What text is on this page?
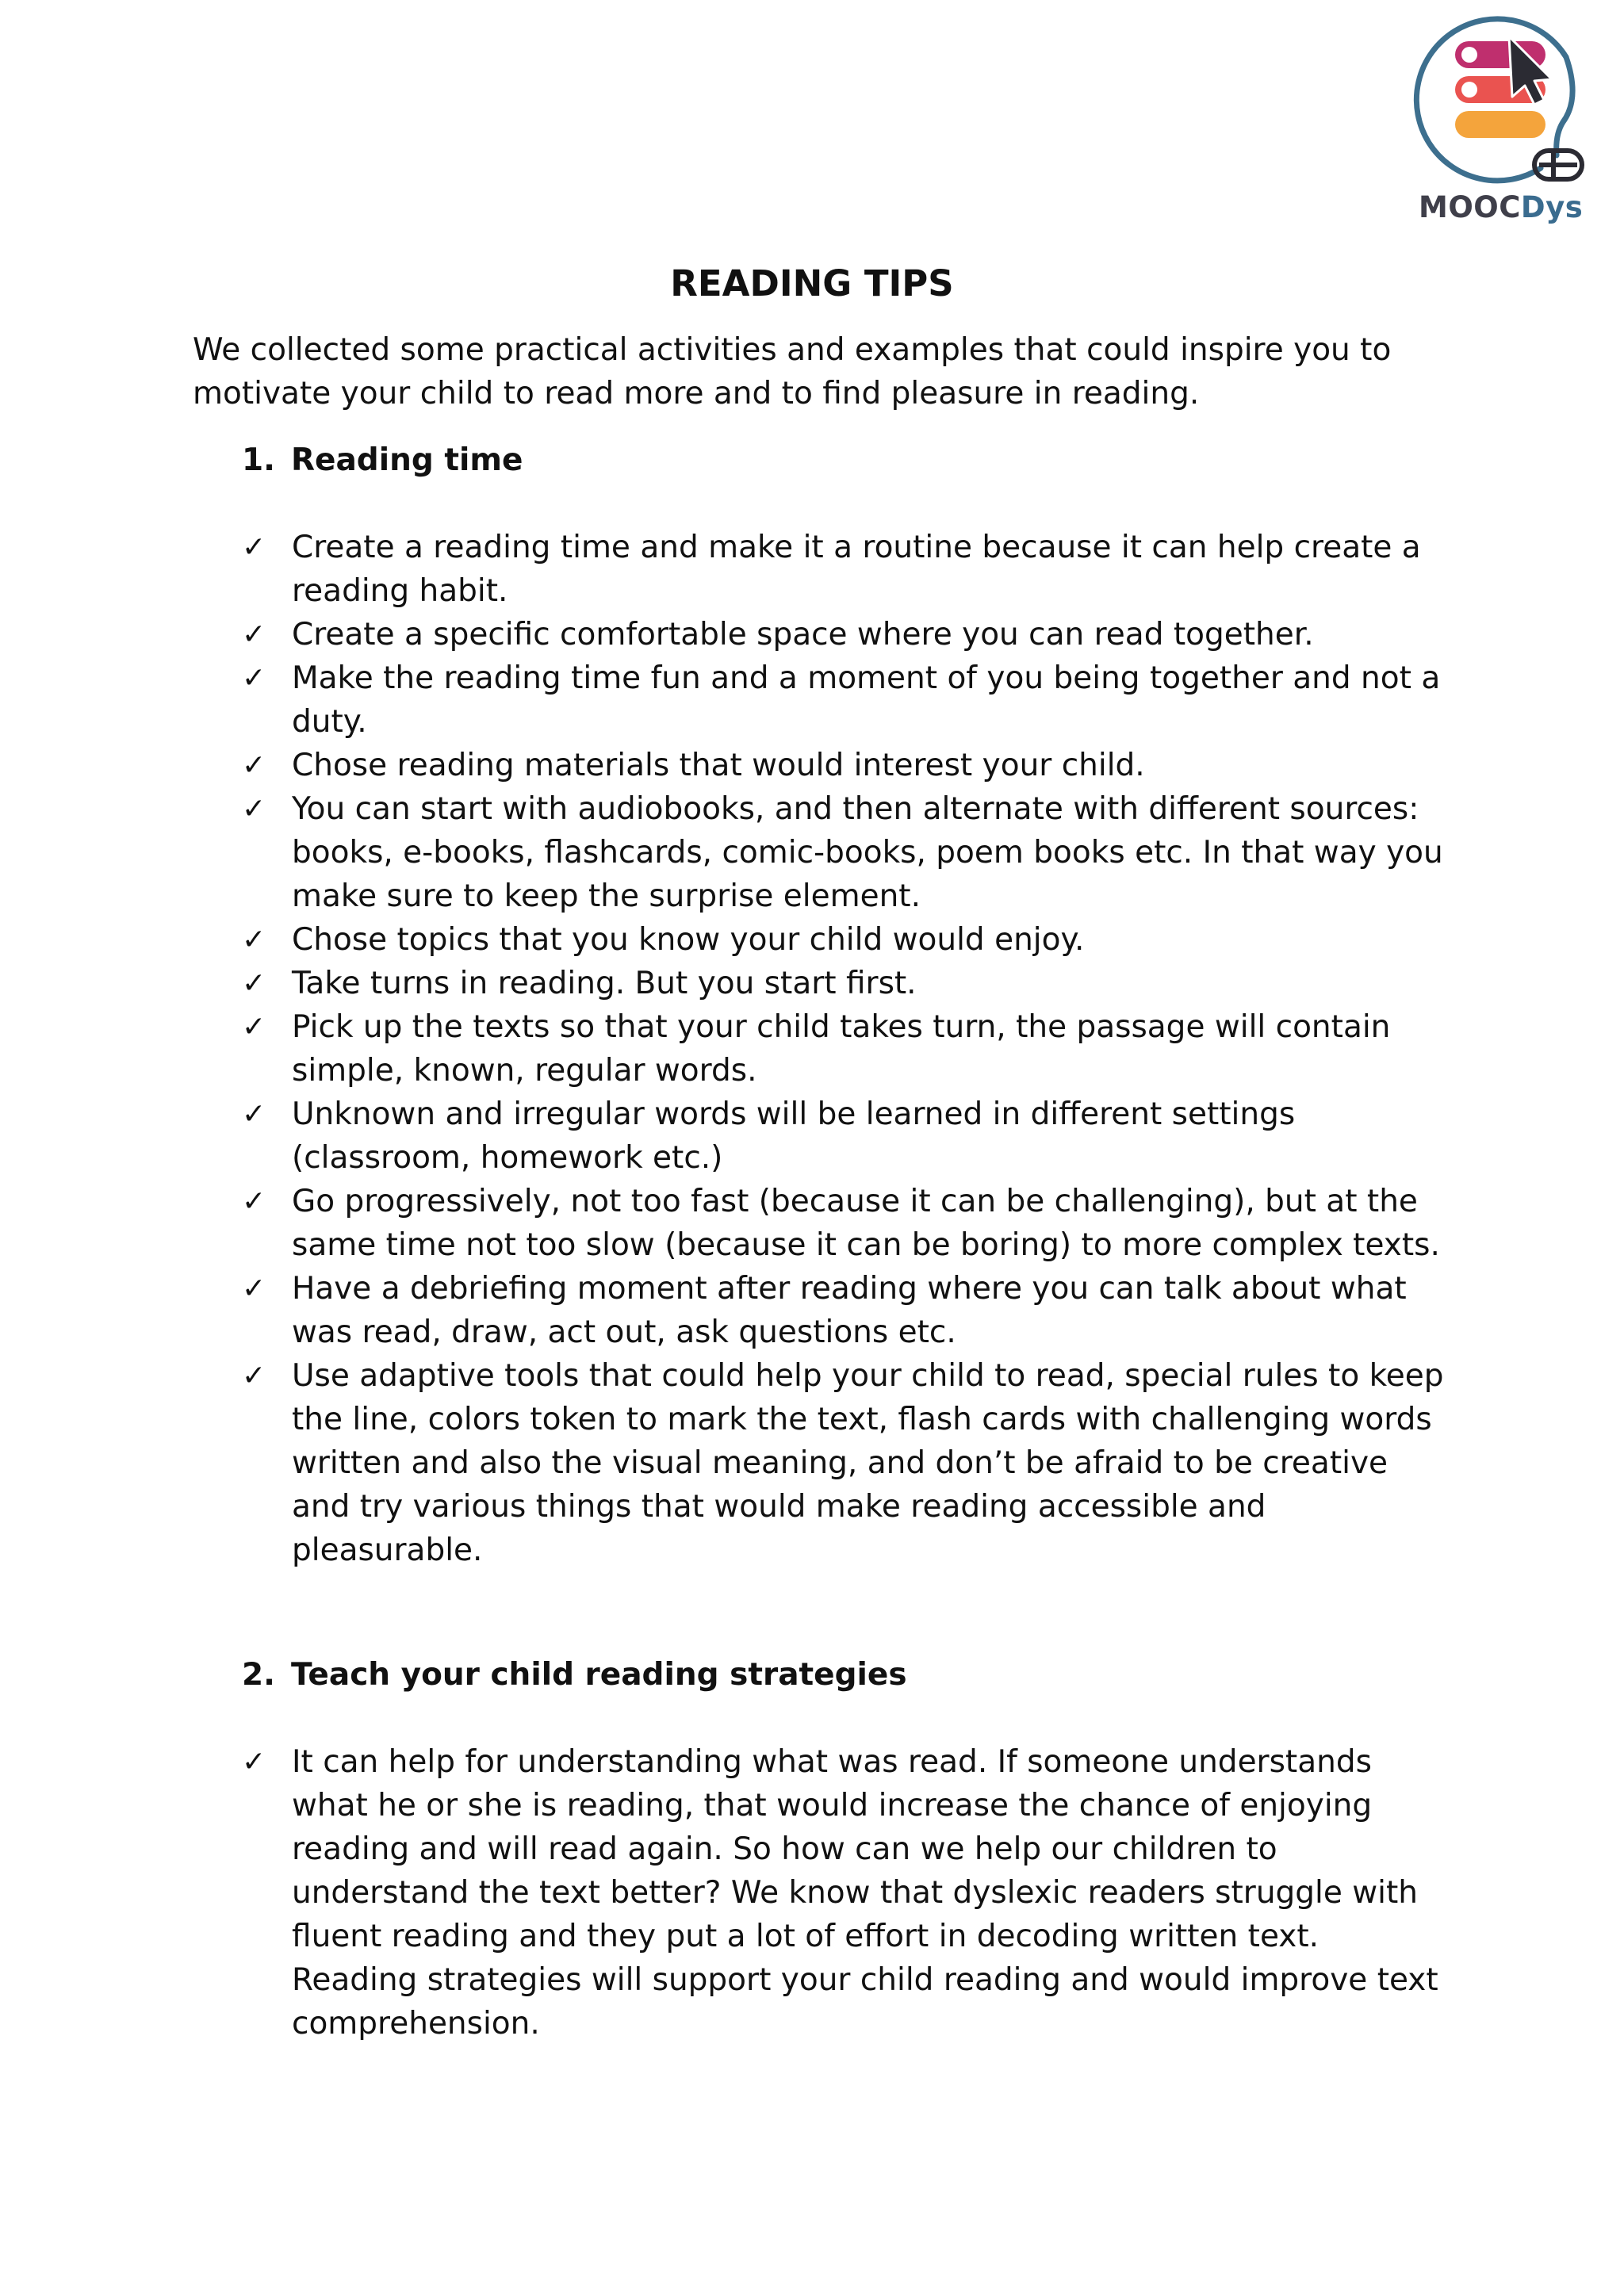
MOOCDys
READING TIPS

We collected some practical activities and examples that could inspire you to motivate your child to read more and to find pleasure in reading.

1. Reading time
✓ Create a reading time and make it a routine because it can help create a reading habit.
✓ Create a specific comfortable space where you can read together.
✓ Make the reading time fun and a moment of you being together and not a duty.
✓ Chose reading materials that would interest your child.
✓ You can start with audiobooks, and then alternate with different sources: books, e-books, flashcards, comic-books, poem books etc. In that way you make sure to keep the surprise element.
✓ Chose topics that you know your child would enjoy.
✓ Take turns in reading. But you start first.
✓ Pick up the texts so that your child takes turn, the passage will contain simple, known, regular words.
✓ Unknown and irregular words will be learned in different settings (classroom, homework etc.)
✓ Go progressively, not too fast (because it can be challenging), but at the same time not too slow (because it can be boring) to more complex texts.
✓ Have a debriefing moment after reading where you can talk about what was read, draw, act out, ask questions etc.
✓ Use adaptive tools that could help your child to read, special rules to keep the line, colors token to mark the text, flash cards with challenging words written and also the visual meaning, and don’t be afraid to be creative and try various things that would make reading accessible and pleasurable.
2. Teach your child reading strategies
✓ It can help for understanding what was read. If someone understands what he or she is reading, that would increase the chance of enjoying reading and will read again. So how can we help our children to understand the text better? We know that dyslexic readers struggle with fluent reading and they put a lot of effort in decoding written text. Reading strategies will support your child reading and would improve text comprehension.
